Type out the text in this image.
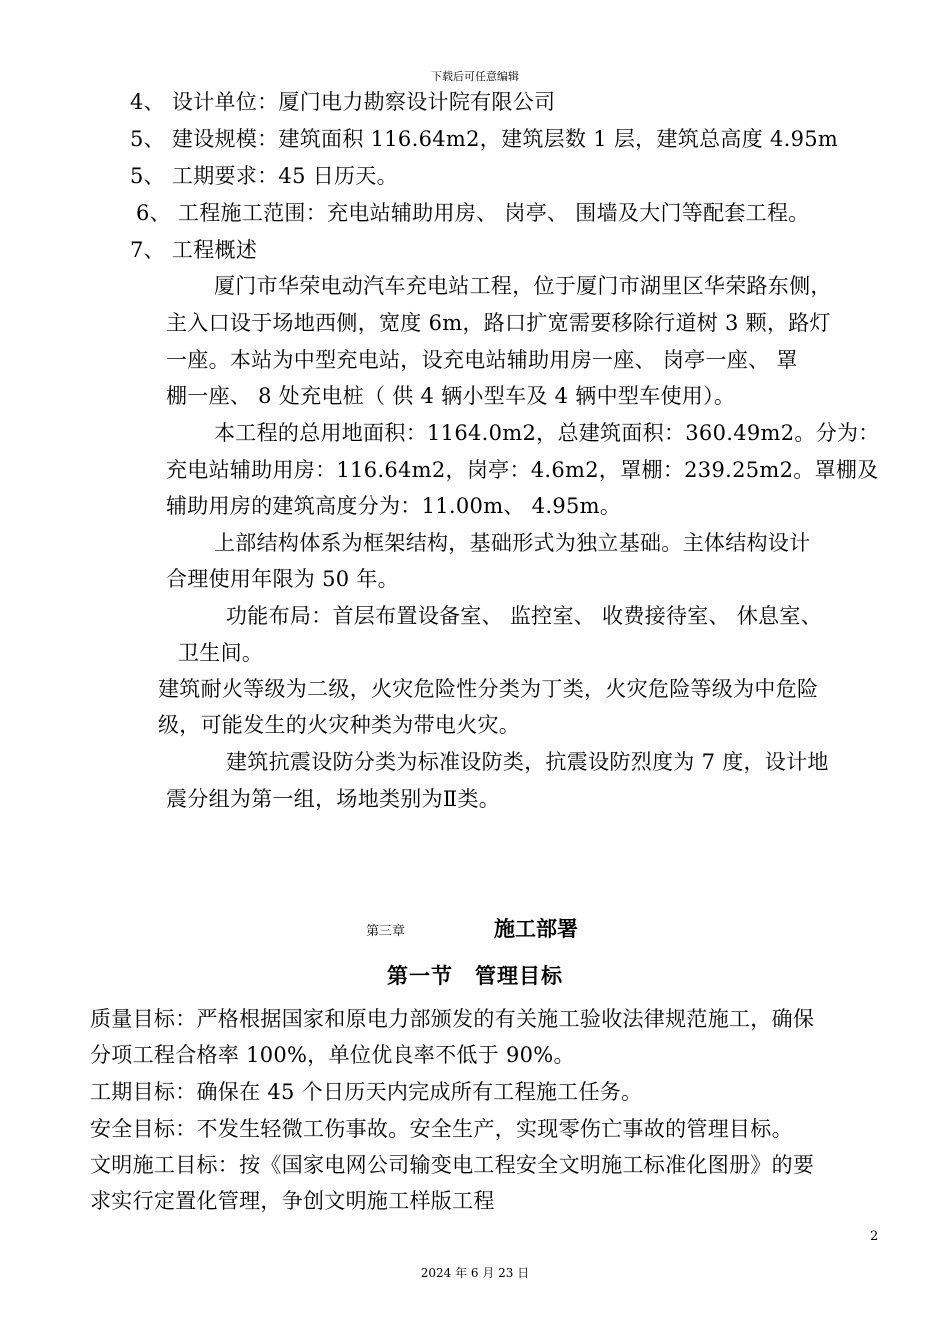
下载后可任意编辑
4、 设计单位：厦门电力勘察设计院有限公司
5、 建设规模：建筑面积 116.64m2，建筑层数 1 层，建筑总高度 4.95m
5、 工期要求：45 日历天。
6、 工程施工范围：充电站辅助用房、 岗亭、 围墙及大门等配套工程。
7、 工程概述
厦门市华荣电动汽车充电站工程，位于厦门市湖里区华荣路东侧，
主入口设于场地西侧，宽度 6m，路口扩宽需要移除行道树 3 颗，路灯
一座。本站为中型充电站，设充电站辅助用房一座、 岗亭一座、 罩
棚一座、 8 处充电桩（ 供 4 辆小型车及 4 辆中型车使用）。
本工程的总用地面积：1164.0m2，总建筑面积：360.49m2。分为：
充电站辅助用房：116.64m2，岗亭：4.6m2，罩棚：239.25m2。罩棚及
辅助用房的建筑高度分为：11.00m、 4.95m。
上部结构体系为框架结构，基础形式为独立基础。主体结构设计
合理使用年限为 50 年。
功能布局：首层布置设备室、 监控室、 收费接待室、 休息室、
卫生间。
建筑耐火等级为二级，火灾危险性分类为丁类，火灾危险等级为中危险
级，可能发生的火灾种类为带电火灾。
建筑抗震设防分类为标准设防类，抗震设防烈度为 7 度，设计地
震分组为第一组，场地类别为Ⅱ类。
第三章	施工部署
第一节　管理目标
质量目标：严格根据国家和原电力部颁发的有关施工验收法律规范施工，确保
分项工程合格率 100%，单位优良率不低于 90%。
工期目标：确保在 45 个日历天内完成所有工程施工任务。
安全目标：不发生轻微工伤事故。安全生产，实现零伤亡事故的管理目标。
文明施工目标：按《国家电网公司输变电工程安全文明施工标准化图册》的要
求实行定置化管理，争创文明施工样版工程
2
2024 年 6 月 23 日
